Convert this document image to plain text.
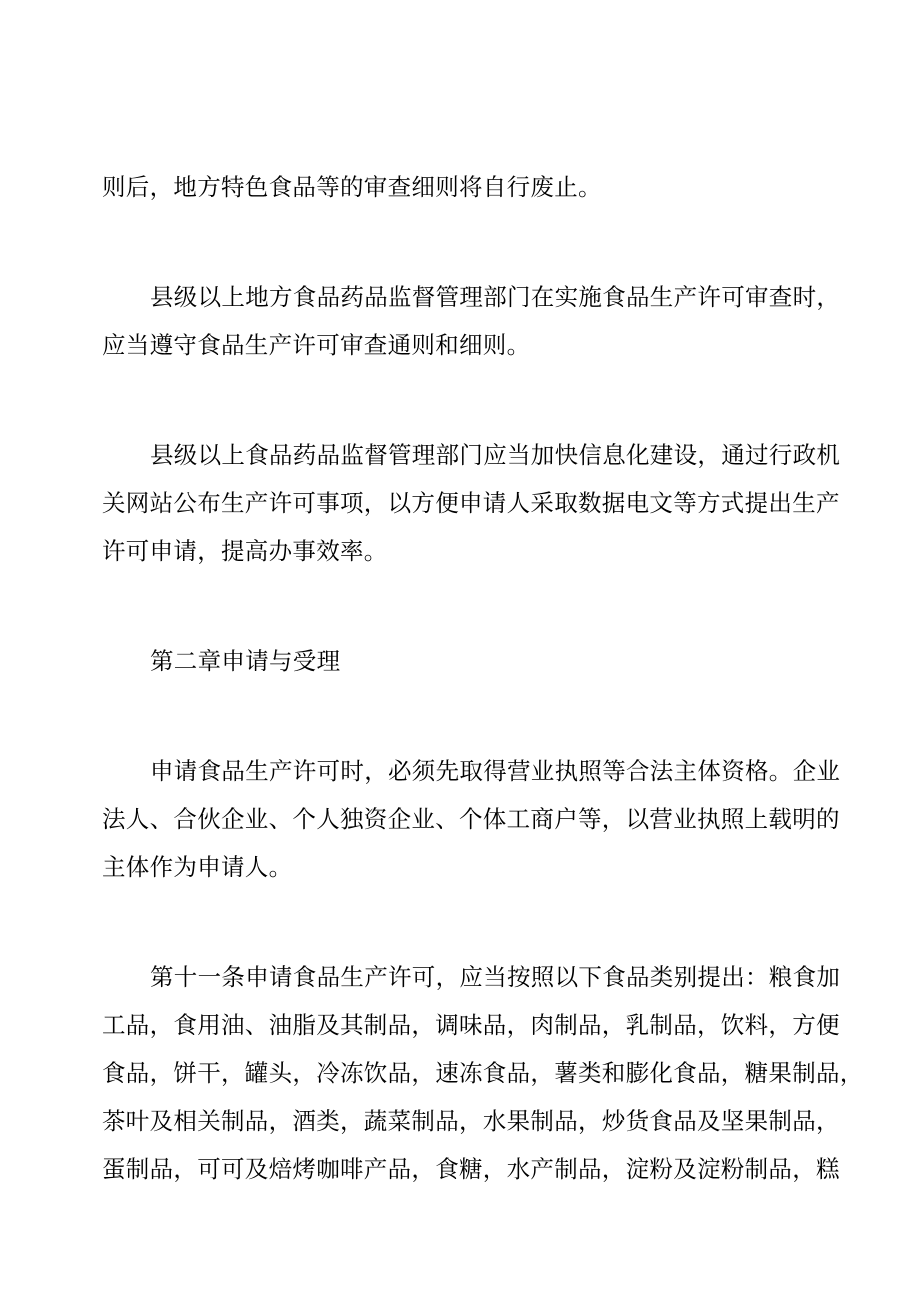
则后，地方特色食品等的审查细则将自行废止。

县级以上地方食品药品监督管理部门在实施食品生产许可审查时，
应当遵守食品生产许可审查通则和细则。

县级以上食品药品监督管理部门应当加快信息化建设，通过行政机
关网站公布生产许可事项，以方便申请人采取数据电文等方式提出生产
许可申请，提高办事效率。

第二章申请与受理

申请食品生产许可时，必须先取得营业执照等合法主体资格。企业
法人、合伙企业、个人独资企业、个体工商户等，以营业执照上载明的
主体作为申请人。

第十一条申请食品生产许可，应当按照以下食品类别提出：粮食加
工品，食用油、油脂及其制品，调味品，肉制品，乳制品，饮料，方便
食品，饼干，罐头，冷冻饮品，速冻食品，薯类和膨化食品，糖果制品，
茶叶及相关制品，酒类，蔬菜制品，水果制品，炒货食品及坚果制品，
蛋制品，可可及焙烤咖啡产品，食糖，水产制品，淀粉及淀粉制品，糕
